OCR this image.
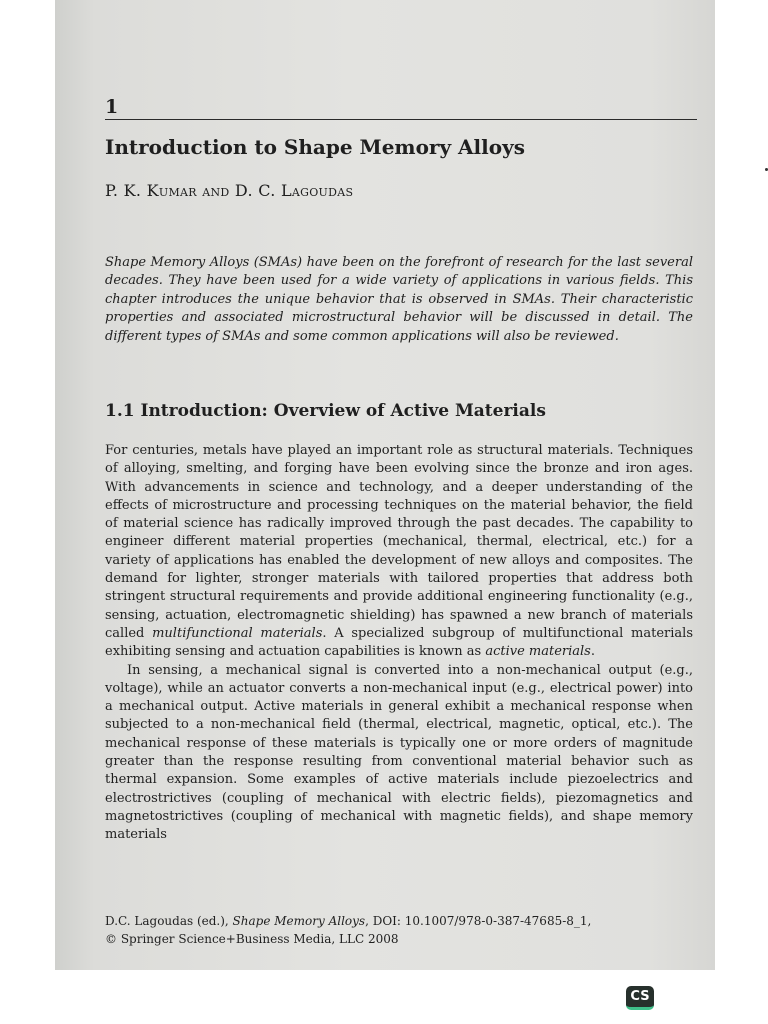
1
Introduction to Shape Memory Alloys
P. K. Kumar and D. C. Lagoudas

Shape Memory Alloys (SMAs) have been on the forefront of research for the last several decades. They have been used for a wide variety of applications in various fields. This chapter introduces the unique behavior that is observed in SMAs. Their characteristic properties and associated microstructural behavior will be discussed in detail. The different types of SMAs and some common applications will also be reviewed.

1.1 Introduction: Overview of Active Materials

For centuries, metals have played an important role as structural materials. Techniques of alloying, smelting, and forging have been evolving since the bronze and iron ages. With advancements in science and technology, and a deeper understanding of the effects of microstructure and processing techniques on the material behavior, the field of material science has radically improved through the past decades. The capability to engineer different material properties (mechanical, thermal, electrical, etc.) for a variety of applications has enabled the development of new alloys and composites. The demand for lighter, stronger materials with tailored properties that address both stringent structural requirements and provide additional engineering functionality (e.g., sensing, actuation, electromagnetic shielding) has spawned a new branch of materials called multifunctional materials. A specialized subgroup of multifunctional materials exhibiting sensing and actuation capabilities is known as active materials.

In sensing, a mechanical signal is converted into a non-mechanical output (e.g., voltage), while an actuator converts a non-mechanical input (e.g., electrical power) into a mechanical output. Active materials in general exhibit a mechanical response when subjected to a non-mechanical field (thermal, electrical, magnetic, optical, etc.). The mechanical response of these materials is typically one or more orders of magnitude greater than the response resulting from conventional material behavior such as thermal expansion. Some examples of active materials include piezoelectrics and electrostrictives (coupling of mechanical with electric fields), piezomagnetics and magnetostrictives (coupling of mechanical with magnetic fields), and shape memory materials

D.C. Lagoudas (ed.), Shape Memory Alloys, DOI: 10.1007/978-0-387-47685-8_1,
© Springer Science+Business Media, LLC 2008
CS
